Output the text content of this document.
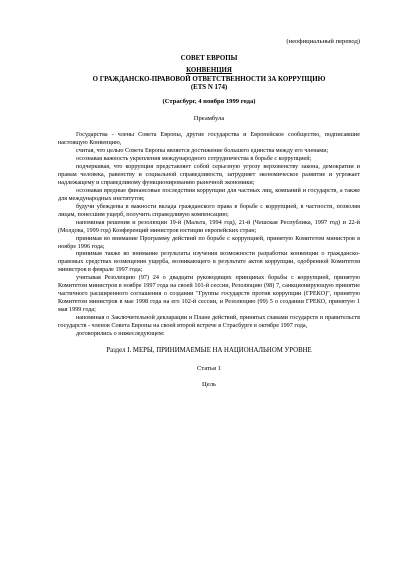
(неофициальный перевод)
СОВЕТ ЕВРОПЫ
КОНВЕНЦИЯ
О ГРАЖДАНСКО-ПРАВОВОЙ ОТВЕТСТВЕННОСТИ ЗА КОРРУПЦИЮ
(ETS N 174)
(Страсбург, 4 ноября 1999 года)
Преамбула

Государства - члены Совета Европы, другие государства и Европейское сообщество, подписавшие настоящую Конвенцию,

считая, что целью Совета Европы является достижение большего единства между его членами;

осознавая важность укрепления международного сотрудничества в борьбе с коррупцией;

подчеркивая, что коррупция представляет собой серьезную угрозу верховенству закона, демократии и правам человека, равенству и социальной справедливости, затрудняет экономическое развитие и угрожает надлежащему и справедливому функционированию рыночной экономики;

осознавая вредные финансовые последствия коррупции для частных лиц, компаний и государств, а также для международных институтов;

будучи убеждены в важности вклада гражданского права в борьбе с коррупцией, в частности, позволяя лицам, понесшим ущерб, получить справедливую компенсацию;

напоминая решения и резолюции 19-й (Мальта, 1994 год), 21-й (Чешская Республика, 1997 год) и 22-й (Молдова, 1999 год) Конференций министров юстиции европейских стран;

принимая во внимание Программу действий по борьбе с коррупцией, принятую Комитетом министров в ноябре 1996 года;

принимая также во внимание результаты изучения возможности разработки конвенции о гражданско-правовых средствах возмещения ущерба, возникающего в результате актов коррупции, одобренной Комитетом министров в феврале 1997 года;

учитывая Резолюцию (97) 24 о двадцати руководящих принципах борьбы с коррупцией, принятую Комитетом министров в ноябре 1997 года на своей 101-й сессии, Резолюцию (98) 7, санкционирующую принятие частичного расширенного соглашения о создании "Группы государств против коррупции (ГРЕКО)", принятую Комитетом министров в мае 1998 года на его 102-й сессии, и Резолюцию (99) 5 о создании ГРЕКО, принятую 1 мая 1999 года;

напоминая о Заключительной декларации и Плане действий, принятых главами государств и правительств государств - членов Совета Европы на своей второй встрече в Страсбурге в октябре 1997 года,

договорились о нижеследующем:

Раздел I. МЕРЫ, ПРИНИМАЕМЫЕ НА НАЦИОНАЛЬНОМ УРОВНЕ
Статья 1
Цель
